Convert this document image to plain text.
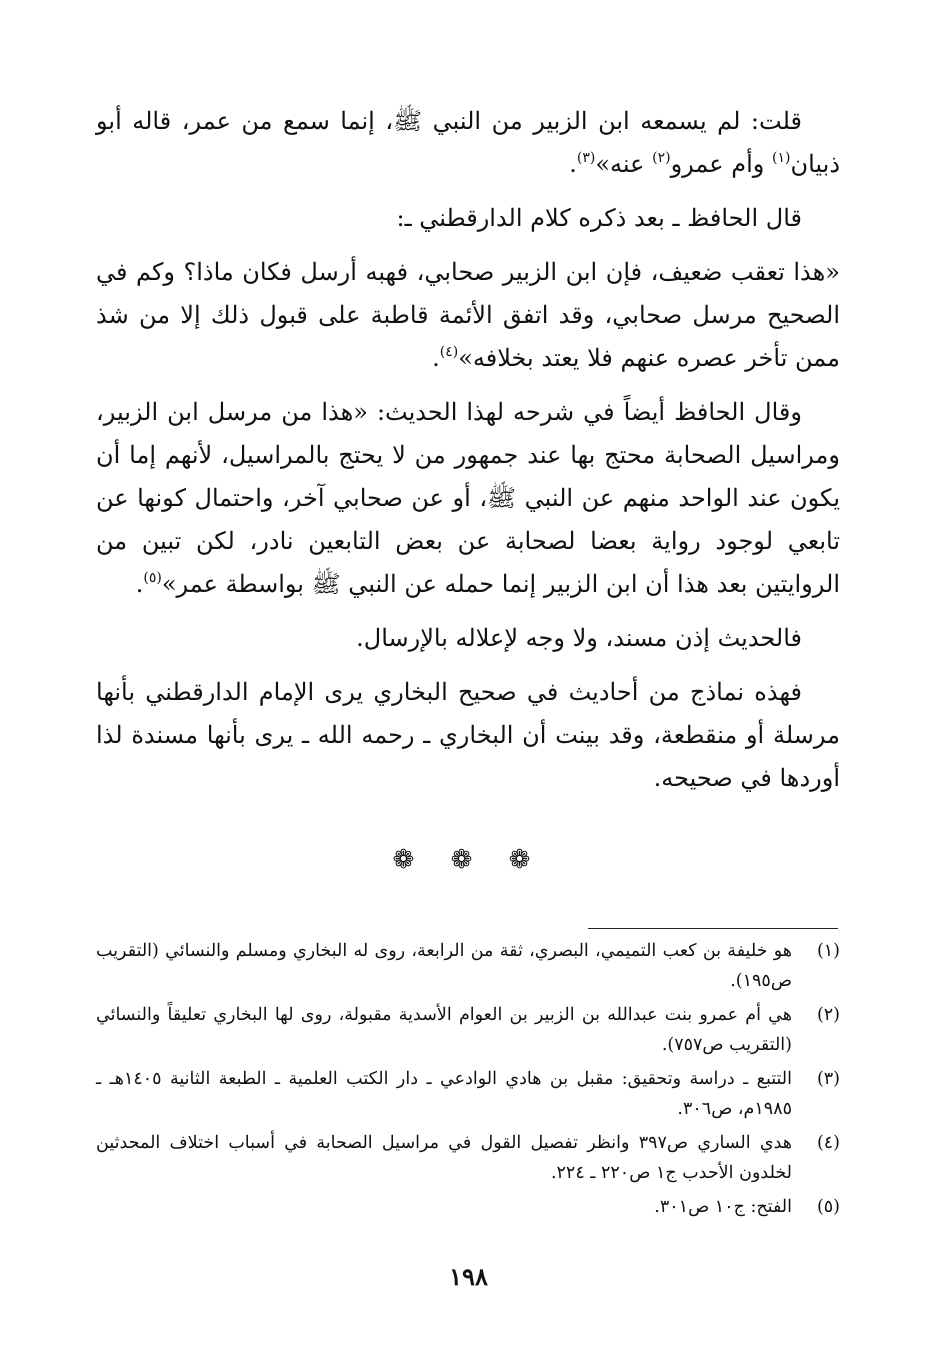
قلت: لم يسمعه ابن الزبير من النبي ﷺ، إنما سمع من عمر، قاله أبو ذبيان$^{(١)}$ وأم عمرو$^{(٢)}$ عنه»$^{(٣)}$.

قال الحافظ ـ بعد ذكره كلام الدارقطني ـ:

«هذا تعقب ضعيف، فإن ابن الزبير صحابي، فهبه أرسل فكان ماذا؟ وكم في الصحيح مرسل صحابي، وقد اتفق الأئمة قاطبة على قبول ذلك إلا من شذ ممن تأخر عصره عنهم فلا يعتد بخلافه»$^{(٤)}$.

وقال الحافظ أيضاً في شرحه لهذا الحديث: «هذا من مرسل ابن الزبير، ومراسيل الصحابة محتج بها عند جمهور من لا يحتج بالمراسيل، لأنهم إما أن يكون عند الواحد منهم عن النبي ﷺ، أو عن صحابي آخر، واحتمال كونها عن تابعي لوجود رواية بعضا لصحابة عن بعض التابعين نادر، لكن تبين من الروايتين بعد هذا أن ابن الزبير إنما حمله عن النبي ﷺ بواسطة عمر»$^{(٥)}$.

فالحديث إذن مسند، ولا وجه لإعلاله بالإرسال.

فهذه نماذج من أحاديث في صحيح البخاري يرى الإمام الدارقطني بأنها مرسلة أو منقطعة، وقد بينت أن البخاري ـ رحمه الله ـ يرى بأنها مسندة لذا أوردها في صحيحه.

❁ ❁ ❁
(١)
هو خليفة بن كعب التميمي، البصري، ثقة من الرابعة، روى له البخاري ومسلم والنسائي (التقريب ص١٩٥).
(٢)
هي أم عمرو بنت عبدالله بن الزبير بن العوام الأسدية مقبولة، روى لها البخاري تعليقاً والنسائي (التقريب ص٧٥٧).
(٣)
التتبع ـ دراسة وتحقيق: مقبل بن هادي الوادعي ـ دار الكتب العلمية ـ الطبعة الثانية ١٤٠٥هـ ـ ١٩٨٥م، ص٣٠٦.
(٤)
هدي الساري ص٣٩٧ وانظر تفصيل القول في مراسيل الصحابة في أسباب اختلاف المحدثين لخلدون الأحدب ج١ ص٢٢٠ ـ ٢٢٤.
(٥)
الفتح: ج١٠ ص٣٠١.
١٩٨
